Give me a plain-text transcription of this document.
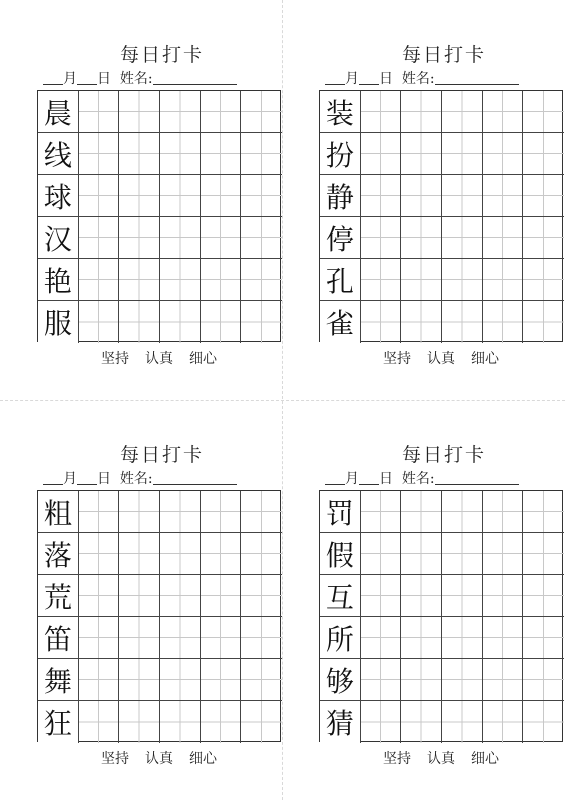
每日打卡
月 日 姓名:
晨
线
球
汉
艳
服
坚持 认真 细心
每日打卡
月 日 姓名:
装
扮
静
停
孔
雀
坚持 认真 细心
每日打卡
月 日 姓名:
粗
落
荒
笛
舞
狂
坚持 认真 细心
每日打卡
月 日 姓名:
罚
假
互
所
够
猜
坚持 认真 细心
